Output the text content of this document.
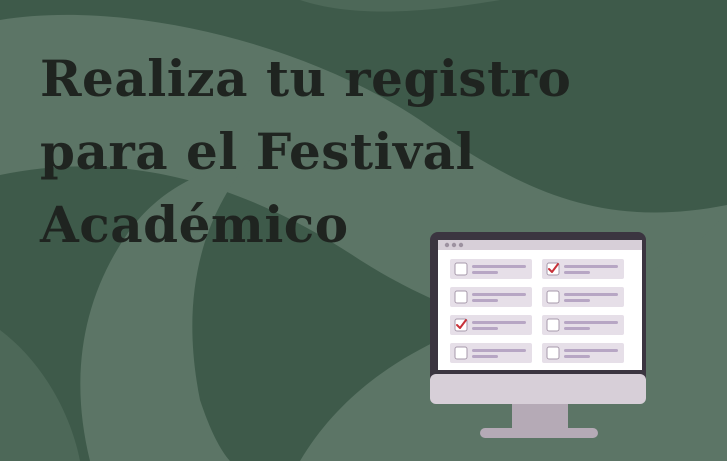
Realiza tu registro
para el Festival
Académico
